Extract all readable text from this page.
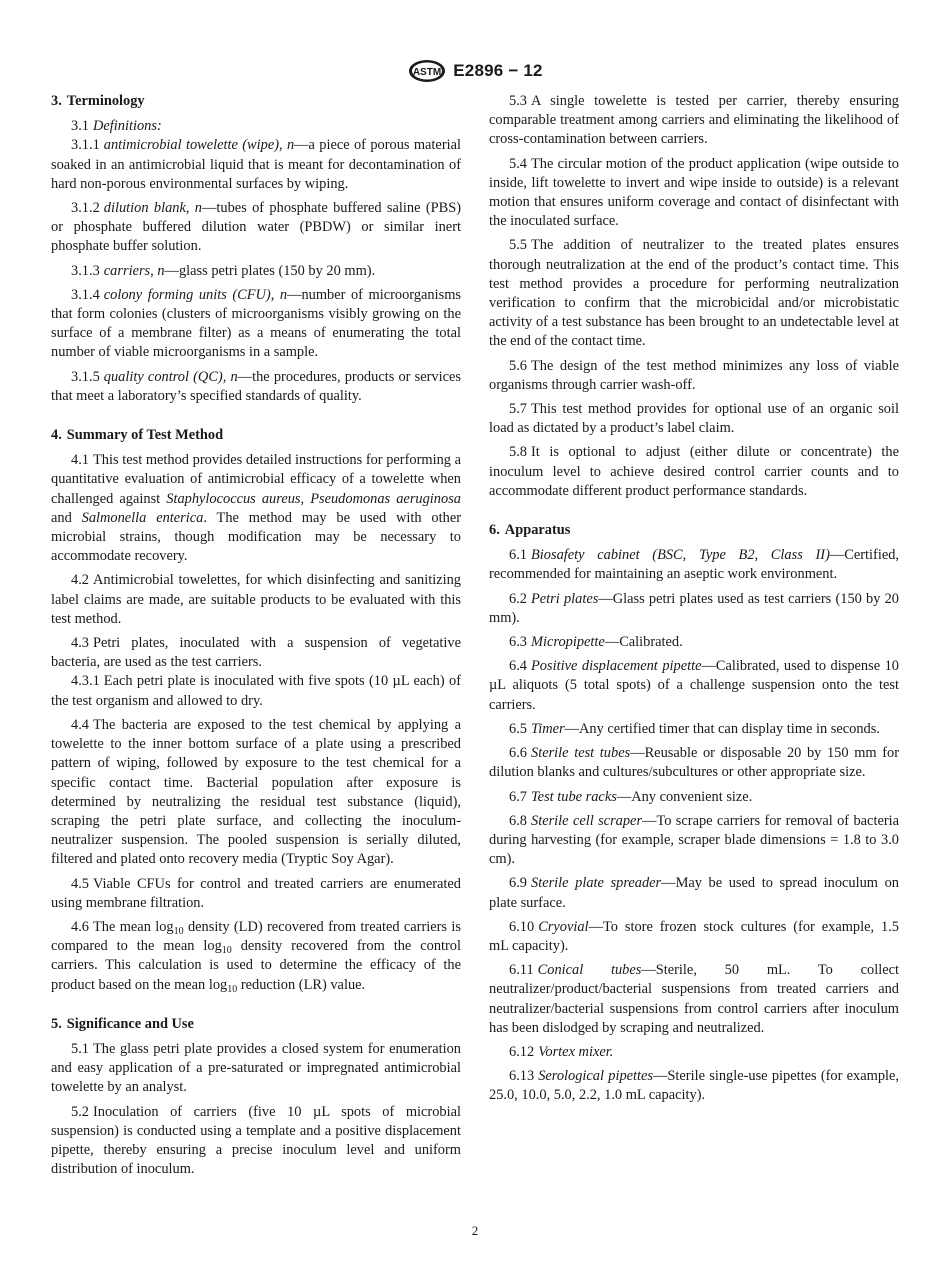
ASTM E2896 − 12
3. Terminology

3.1 Definitions:

3.1.1 antimicrobial towelette (wipe), n—a piece of porous material soaked in an antimicrobial liquid that is meant for decontamination of hard non-porous environmental surfaces by wiping.

3.1.2 dilution blank, n—tubes of phosphate buffered saline (PBS) or phosphate buffered dilution water (PBDW) or similar inert phosphate buffer solution.

3.1.3 carriers, n—glass petri plates (150 by 20 mm).

3.1.4 colony forming units (CFU), n—number of microorganisms that form colonies (clusters of microorganisms visibly growing on the surface of a membrane filter) as a means of enumerating the total number of viable microorganisms in a sample.

3.1.5 quality control (QC), n—the procedures, products or services that meet a laboratory’s specified standards of quality.

4. Summary of Test Method

4.1 This test method provides detailed instructions for performing a quantitative evaluation of antimicrobial efficacy of a towelette when challenged against Staphylococcus aureus, Pseudomonas aeruginosa and Salmonella enterica. The method may be used with other microbial strains, though modification may be necessary to accommodate recovery.

4.2 Antimicrobial towelettes, for which disinfecting and sanitizing label claims are made, are suitable products to be evaluated with this test method.

4.3 Petri plates, inoculated with a suspension of vegetative bacteria, are used as the test carriers.

4.3.1 Each petri plate is inoculated with five spots (10 µL each) of the test organism and allowed to dry.

4.4 The bacteria are exposed to the test chemical by applying a towelette to the inner bottom surface of a plate using a prescribed pattern of wiping, followed by exposure to the test chemical for a specific contact time. Bacterial population after exposure is determined by neutralizing the residual test substance (liquid), scraping the petri plate surface, and collecting the inoculum-neutralizer suspension. The pooled suspension is serially diluted, filtered and plated onto recovery media (Tryptic Soy Agar).

4.5 Viable CFUs for control and treated carriers are enumerated using membrane filtration.

4.6 The mean $\log_{10}$ density (LD) recovered from treated carriers is compared to the mean $\log_{10}$ density recovered from the control carriers. This calculation is used to determine the efficacy of the product based on the mean $\log_{10}$ reduction (LR) value.

5. Significance and Use

5.1 The glass petri plate provides a closed system for enumeration and easy application of a pre-saturated or impregnated antimicrobial towelette by an analyst.

5.2 Inoculation of carriers (five 10 µL spots of microbial suspension) is conducted using a template and a positive displacement pipette, thereby ensuring a precise inoculum level and uniform distribution of inoculum.

5.3 A single towelette is tested per carrier, thereby ensuring comparable treatment among carriers and eliminating the likelihood of cross-contamination between carriers.

5.4 The circular motion of the product application (wipe outside to inside, lift towelette to invert and wipe inside to outside) is a relevant motion that ensures uniform coverage and contact of disinfectant with the inoculated surface.

5.5 The addition of neutralizer to the treated plates ensures thorough neutralization at the end of the product’s contact time. This test method provides a procedure for performing neutralization verification to confirm that the microbicidal and/or microbistatic activity of a test substance has been brought to an undetectable level at the end of the contact time.

5.6 The design of the test method minimizes any loss of viable organisms through carrier wash-off.

5.7 This test method provides for optional use of an organic soil load as dictated by a product’s label claim.

5.8 It is optional to adjust (either dilute or concentrate) the inoculum level to achieve desired control carrier counts and to accommodate different product performance standards.

6. Apparatus

6.1 Biosafety cabinet (BSC, Type B2, Class II)—Certified, recommended for maintaining an aseptic work environment.

6.2 Petri plates—Glass petri plates used as test carriers (150 by 20 mm).

6.3 Micropipette—Calibrated.

6.4 Positive displacement pipette—Calibrated, used to dispense 10 µL aliquots (5 total spots) of a challenge suspension onto the test carriers.

6.5 Timer—Any certified timer that can display time in seconds.

6.6 Sterile test tubes—Reusable or disposable 20 by 150 mm for dilution blanks and cultures/subcultures or other appropriate size.

6.7 Test tube racks—Any convenient size.

6.8 Sterile cell scraper—To scrape carriers for removal of bacteria during harvesting (for example, scraper blade dimensions = 1.8 to 3.0 cm).

6.9 Sterile plate spreader—May be used to spread inoculum on plate surface.

6.10 Cryovial—To store frozen stock cultures (for example, 1.5 mL capacity).

6.11 Conical tubes—Sterile, 50 mL. To collect neutralizer/product/bacterial suspensions from treated carriers and neutralizer/bacterial suspensions from control carriers after inoculum has been dislodged by scraping and neutralized.

6.12 Vortex mixer.

6.13 Serological pipettes—Sterile single-use pipettes (for example, 25.0, 10.0, 5.0, 2.2, 1.0 mL capacity).

2
